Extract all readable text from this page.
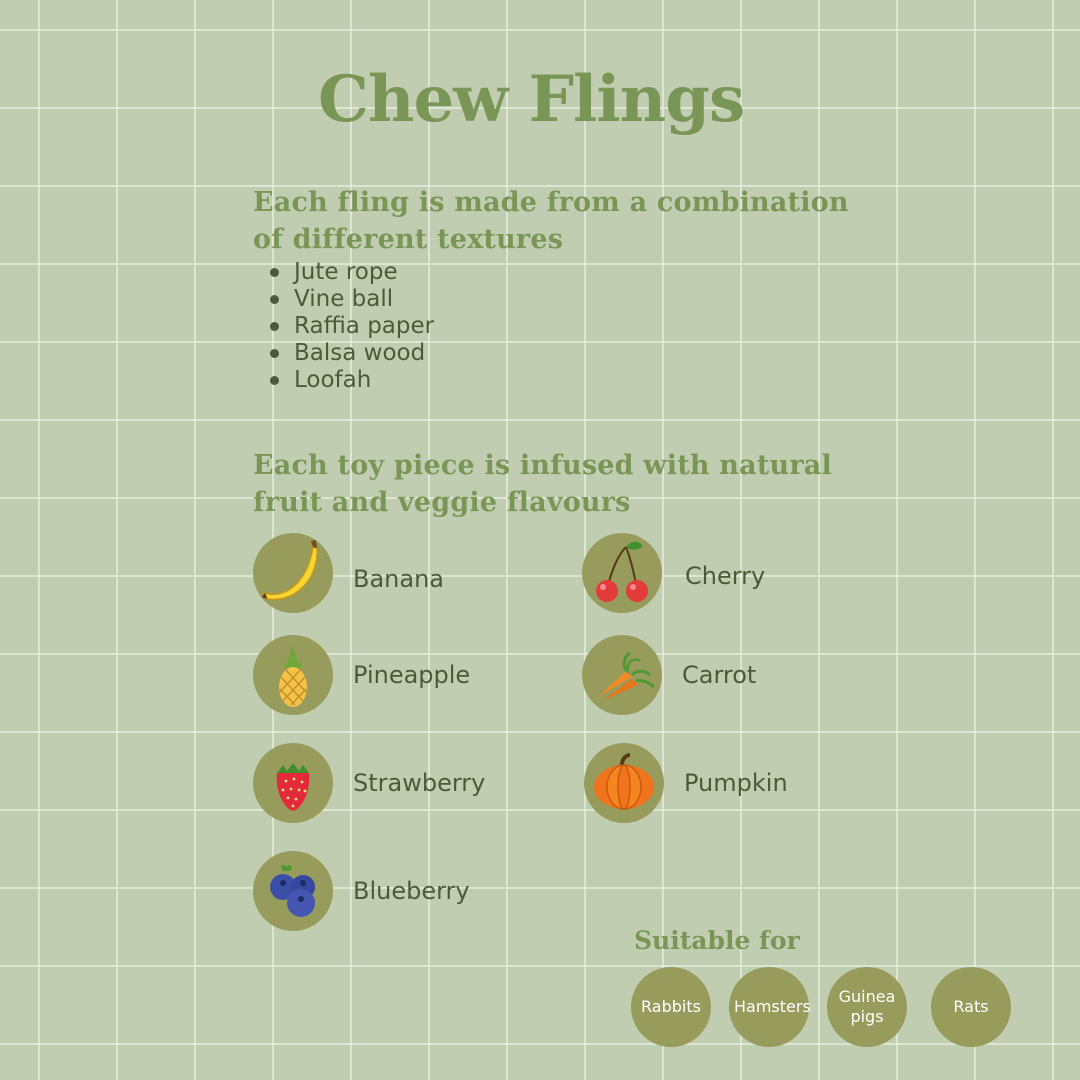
Chew Flings
Each fling is made from a combination of different textures
Jute rope
Vine ball
Raffia paper
Balsa wood
Loofah
Each toy piece is infused with natural fruit and veggie flavours
Banana	Cherry
Pineapple	Carrot
Strawberry	Pumpkin
Blueberry
Suitable for
Rabbits	Hamsters
Guinea pigs
Rats
